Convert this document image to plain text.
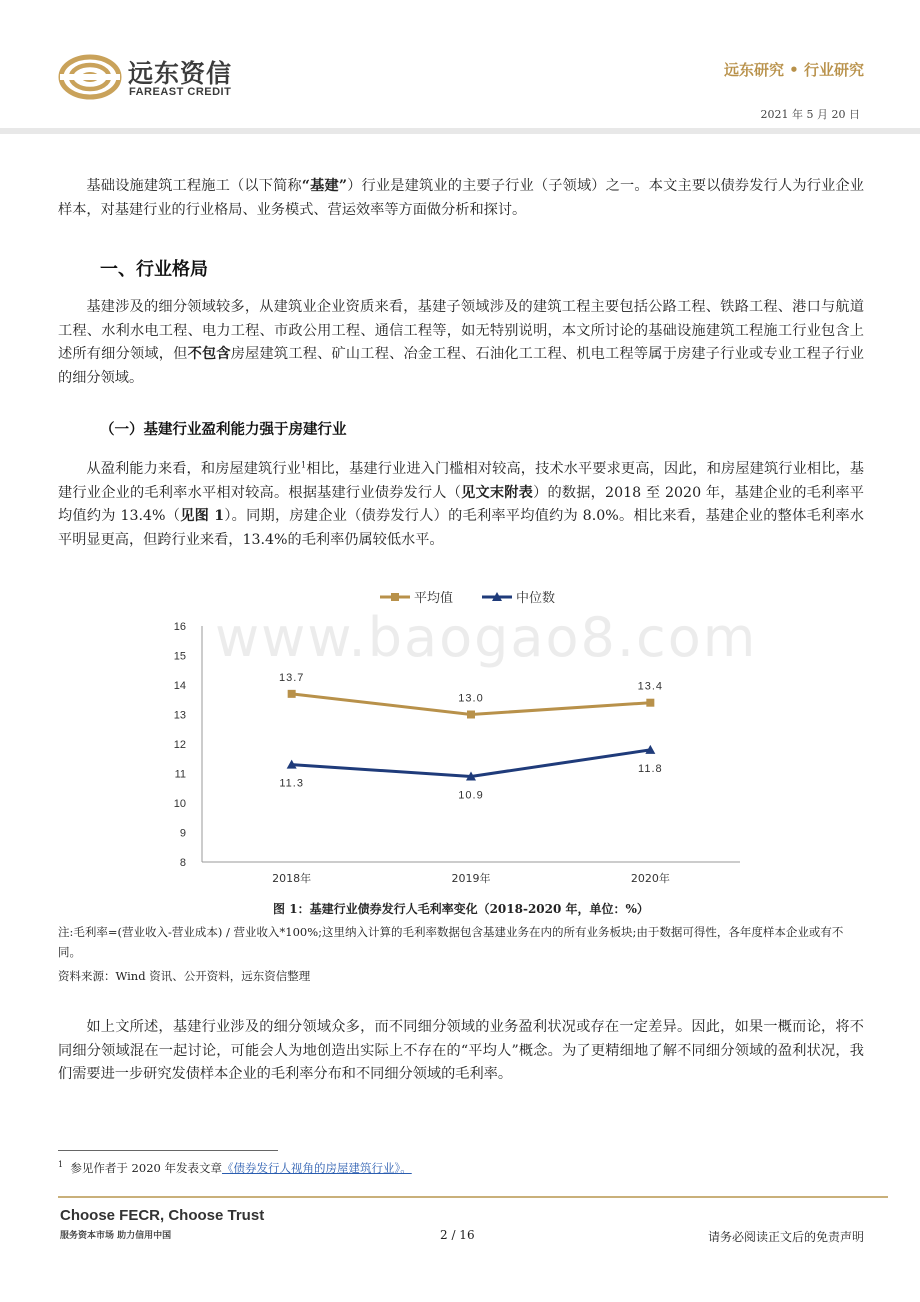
远东资信
FAREAST CREDIT
远东研究 • 行业研究
2021 年 5 月 20 日
www.baogao8.com
基础设施建筑工程施工（以下简称“基建”）行业是建筑业的主要子行业（子领域）之一。本文主要以债券发行人为行业企业样本，对基建行业的行业格局、业务模式、营运效率等方面做分析和探讨。
一、行业格局
基建涉及的细分领域较多，从建筑业企业资质来看，基建子领域涉及的建筑工程主要包括公路工程、铁路工程、港口与航道工程、水利水电工程、电力工程、市政公用工程、通信工程等，如无特别说明，本文所讨论的基础设施建筑工程施工行业包含上述所有细分领域，但不包含房屋建筑工程、矿山工程、冶金工程、石油化工工程、机电工程等属于房建子行业或专业工程子行业的细分领域。
（一）基建行业盈利能力强于房建行业
从盈利能力来看，和房屋建筑行业$^1$相比，基建行业进入门槛相对较高，技术水平要求更高，因此，和房屋建筑行业相比，基建行业企业的毛利率水平相对较高。根据基建行业债券发行人（见文末附表）的数据，2018 至 2020 年，基建企业的毛利率平均值约为 13.4%（见图 1）。同期，房建企业（债券发行人）的毛利率平均值约为 8.0%。相比来看，基建企业的整体毛利率水平明显更高，但跨行业来看，13.4%的毛利率仍属较低水平。
8
9
10
11
12
13
14
15
16
2018年	2019年	2020年
平均值	中位数
13.7
13.0
13.4
11.3
10.9
11.8
图 1：基建行业债券发行人毛利率变化（2018-2020 年，单位：%）
注:毛利率=(营业收入-营业成本) / 营业收入*100%;这里纳入计算的毛利率数据包含基建业务在内的所有业务板块;由于数据可得性，各年度样本企业或有不同。
资料来源：Wind 资讯、公开资料，远东资信整理
如上文所述，基建行业涉及的细分领域众多，而不同细分领域的业务盈利状况或存在一定差异。因此，如果一概而论，将不同细分领域混在一起讨论，可能会人为地创造出实际上不存在的“平均人”概念。为了更精细地了解不同细分领域的盈利状况，我们需要进一步研究发债样本企业的毛利率分布和不同细分领域的毛利率。
$^1$ 参见作者于 2020 年发表文章《债券发行人视角的房屋建筑行业》。
Choose FECR, Choose Trust
服务资本市场 助力信用中国	2 / 16	请务必阅读正文后的免责声明
